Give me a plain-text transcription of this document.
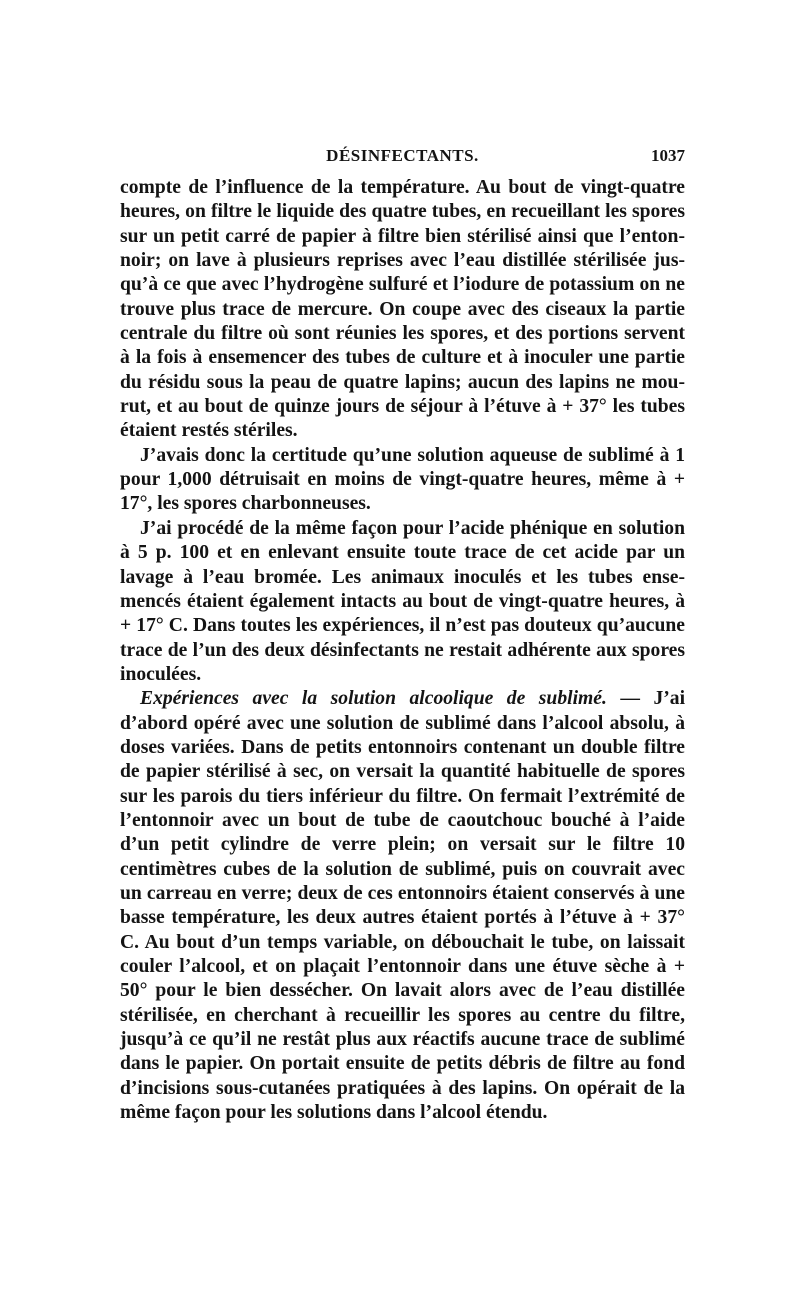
DÉSINFECTANTS.	1037

compte de l’influence de la température. Au bout de vingt-quatre heures, on filtre le liquide des quatre tubes, en recueillant les spores sur un petit carré de papier à filtre bien stérilisé ainsi que l’entonnoir; on lave à plusieurs reprises avec l’eau distillée stérilisée jusqu’à ce que avec l’hydrogène sulfuré et l’iodure de potassium on ne trouve plus trace de mercure. On coupe avec des ciseaux la partie centrale du filtre où sont réunies les spores, et des portions servent à la fois à ensemencer des tubes de culture et à inoculer une partie du résidu sous la peau de quatre lapins; aucun des lapins ne mourut, et au bout de quinze jours de séjour à l’étuve à + 37° les tubes étaient restés stériles.

J’avais donc la certitude qu’une solution aqueuse de sublimé à 1 pour 1,000 détruisait en moins de vingt-quatre heures, même à + 17°, les spores charbonneuses.

J’ai procédé de la même façon pour l’acide phénique en solution à 5 p. 100 et en enlevant ensuite toute trace de cet acide par un lavage à l’eau bromée. Les animaux inoculés et les tubes ensemencés étaient également intacts au bout de vingt-quatre heures, à + 17° C. Dans toutes les expériences, il n’est pas douteux qu’aucune trace de l’un des deux désinfectants ne restait adhérente aux spores inoculées.

Expériences avec la solution alcoolique de sublimé. — J’ai d’abord opéré avec une solution de sublimé dans l’alcool absolu, à doses variées. Dans de petits entonnoirs contenant un double filtre de papier stérilisé à sec, on versait la quantité habituelle de spores sur les parois du tiers inférieur du filtre. On fermait l’extrémité de l’entonnoir avec un bout de tube de caoutchouc bouché à l’aide d’un petit cylindre de verre plein; on versait sur le filtre 10 centimètres cubes de la solution de sublimé, puis on couvrait avec un carreau en verre; deux de ces entonnoirs étaient conservés à une basse température, les deux autres étaient portés à l’étuve à + 37° C. Au bout d’un temps variable, on débouchait le tube, on laissait couler l’alcool, et on plaçait l’entonnoir dans une étuve sèche à + 50° pour le bien dessécher. On lavait alors avec de l’eau distillée stérilisée, en cherchant à recueillir les spores au centre du filtre, jusqu’à ce qu’il ne restât plus aux réactifs aucune trace de sublimé dans le papier. On portait ensuite de petits débris de filtre au fond d’incisions sous-cutanées pratiquées à des lapins. On opérait de la même façon pour les solutions dans l’alcool étendu.
